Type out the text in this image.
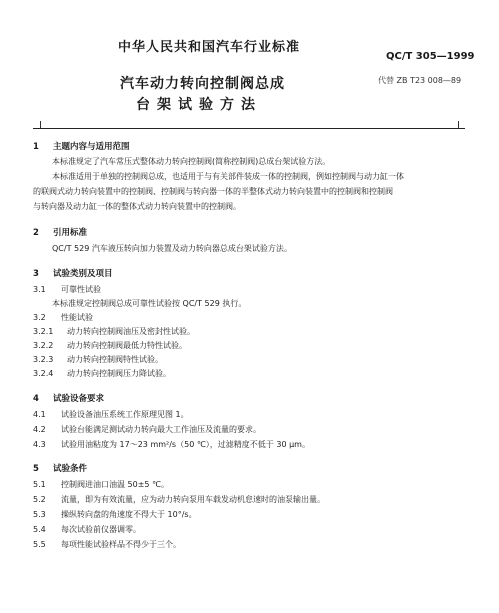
中华人民共和国汽车行业标准
QC/T 305—1999
代替 ZB T23 008—89
汽车动力转向控制阀总成
台架试验方法
1 主题内容与适用范围
本标准规定了汽车常压式整体动力转向控制阀(简称控制阀)总成台架试验方法。
本标准适用于单独的控制阀总成，也适用于与有关部件装成一体的控制阀，例如控制阀与动力缸一体
的联阀式动力转向装置中的控制阀、控制阀与转向器一体的半整体式动力转向装置中的控制阀和控制阀
与转向器及动力缸一体的整体式动力转向装置中的控制阀。
2 引用标准
QC/T 529 汽车液压转向加力装置及动力转向器总成台架试验方法。
3 试验类别及项目
3.1 可靠性试验
本标准规定控制阀总成可靠性试验按 QC/T 529 执行。
3.2 性能试验
3.2.1 动力转向控制阀油压及密封性试验。
3.2.2 动力转向控制阀最低力特性试验。
3.2.3 动力转向控制阀特性试验。
3.2.4 动力转向控制阀压力降试验。
4 试验设备要求
4.1 试验设备油压系统工作原理见图 1。
4.2 试验台能满足测试动力转向最大工作油压及流量的要求。
4.3 试验用油粘度为 17～23 mm²/s（50 ℃），过滤精度不低于 30 μm。
5 试验条件
5.1 控制阀进油口油温 50±5 ℃。
5.2 流量，即为有效流量，应为动力转向泵用车载发动机怠速时的油泵输出量。
5.3 操纵转向盘的角速度不得大于 10°/s。
5.4 每次试验前仪器调零。
5.5 每项性能试验样品不得少于三个。
